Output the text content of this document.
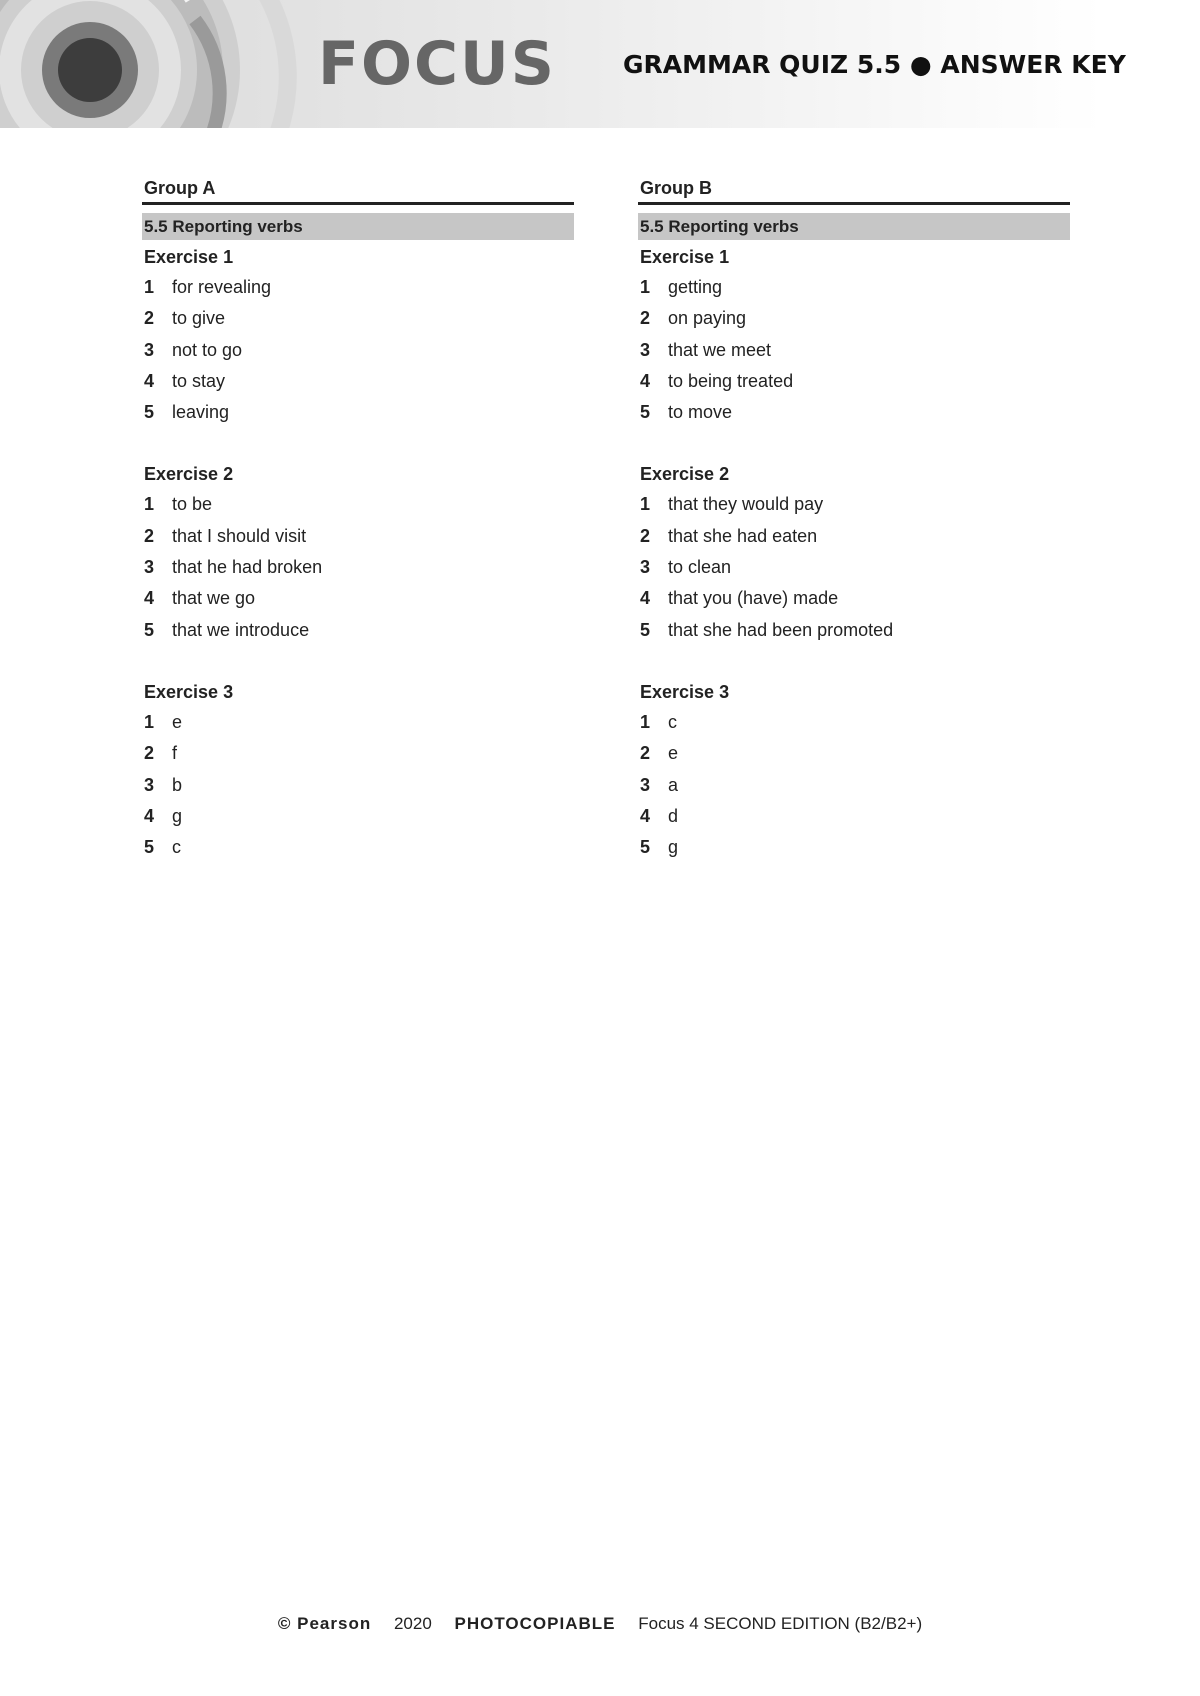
FOCUS	GRAMMAR QUIZ 5.5 ● ANSWER KEY
Group A
5.5 Reporting verbs
Exercise 1
1 for revealing
2 to give
3 not to go
4 to stay
5 leaving
Exercise 2
1 to be
2 that I should visit
3 that he had broken
4 that we go
5 that we introduce
Exercise 3
1 e
2 f
3 b
4 g
5 c
Group B
5.5 Reporting verbs
Exercise 1
1 getting
2 on paying
3 that we meet
4 to being treated
5 to move
Exercise 2
1 that they would pay
2 that she had eaten
3 to clean
4 that you (have) made
5 that she had been promoted
Exercise 3
1 c
2 e
3 a
4 d
5 g
© Pearson 2020 PHOTOCOPIABLE Focus 4 SECOND EDITION (B2/B2+)
